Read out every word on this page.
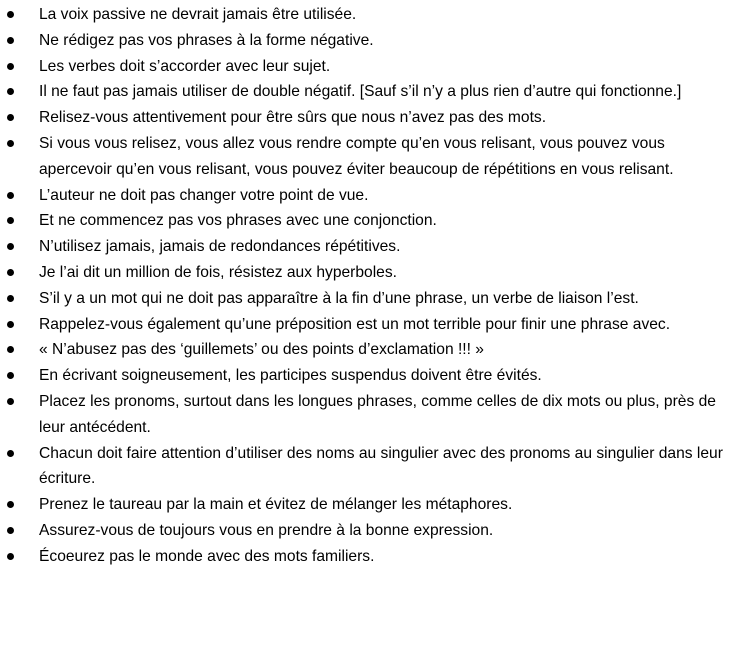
La voix passive ne devrait jamais être utilisée.
Ne rédigez pas vos phrases à la forme négative.
Les verbes doit s’accorder avec leur sujet.
Il ne faut pas jamais utiliser de double négatif. [Sauf s’il n’y a plus rien d’autre qui fonctionne.]
Relisez-vous attentivement pour être sûrs que nous n’avez pas des mots.
Si vous vous relisez, vous allez vous rendre compte qu’en vous relisant, vous pouvez vous apercevoir qu’en vous relisant, vous pouvez éviter beaucoup de répétitions en vous relisant.
L’auteur ne doit pas changer votre point de vue.
Et ne commencez pas vos phrases avec une conjonction.
N’utilisez jamais, jamais de redondances répétitives.
Je l’ai dit un million de fois, résistez aux hyperboles.
S’il y a un mot qui ne doit pas apparaître à la fin d’une phrase, un verbe de liaison l’est.
Rappelez-vous également qu’une préposition est un mot terrible pour finir une phrase avec.
« N’abusez pas des ‘guillemets’ ou des points d’exclamation !!! »
En écrivant soigneusement, les participes suspendus doivent être évités.
Placez les pronoms, surtout dans les longues phrases, comme celles de dix mots ou plus, près de leur antécédent.
Chacun doit faire attention d’utiliser des noms au singulier avec des pronoms au singulier dans leur écriture.
Prenez le taureau par la main et évitez de mélanger les métaphores.
Assurez-vous de toujours vous en prendre à la bonne expression.
Écoeurez pas le monde avec des mots familiers.
